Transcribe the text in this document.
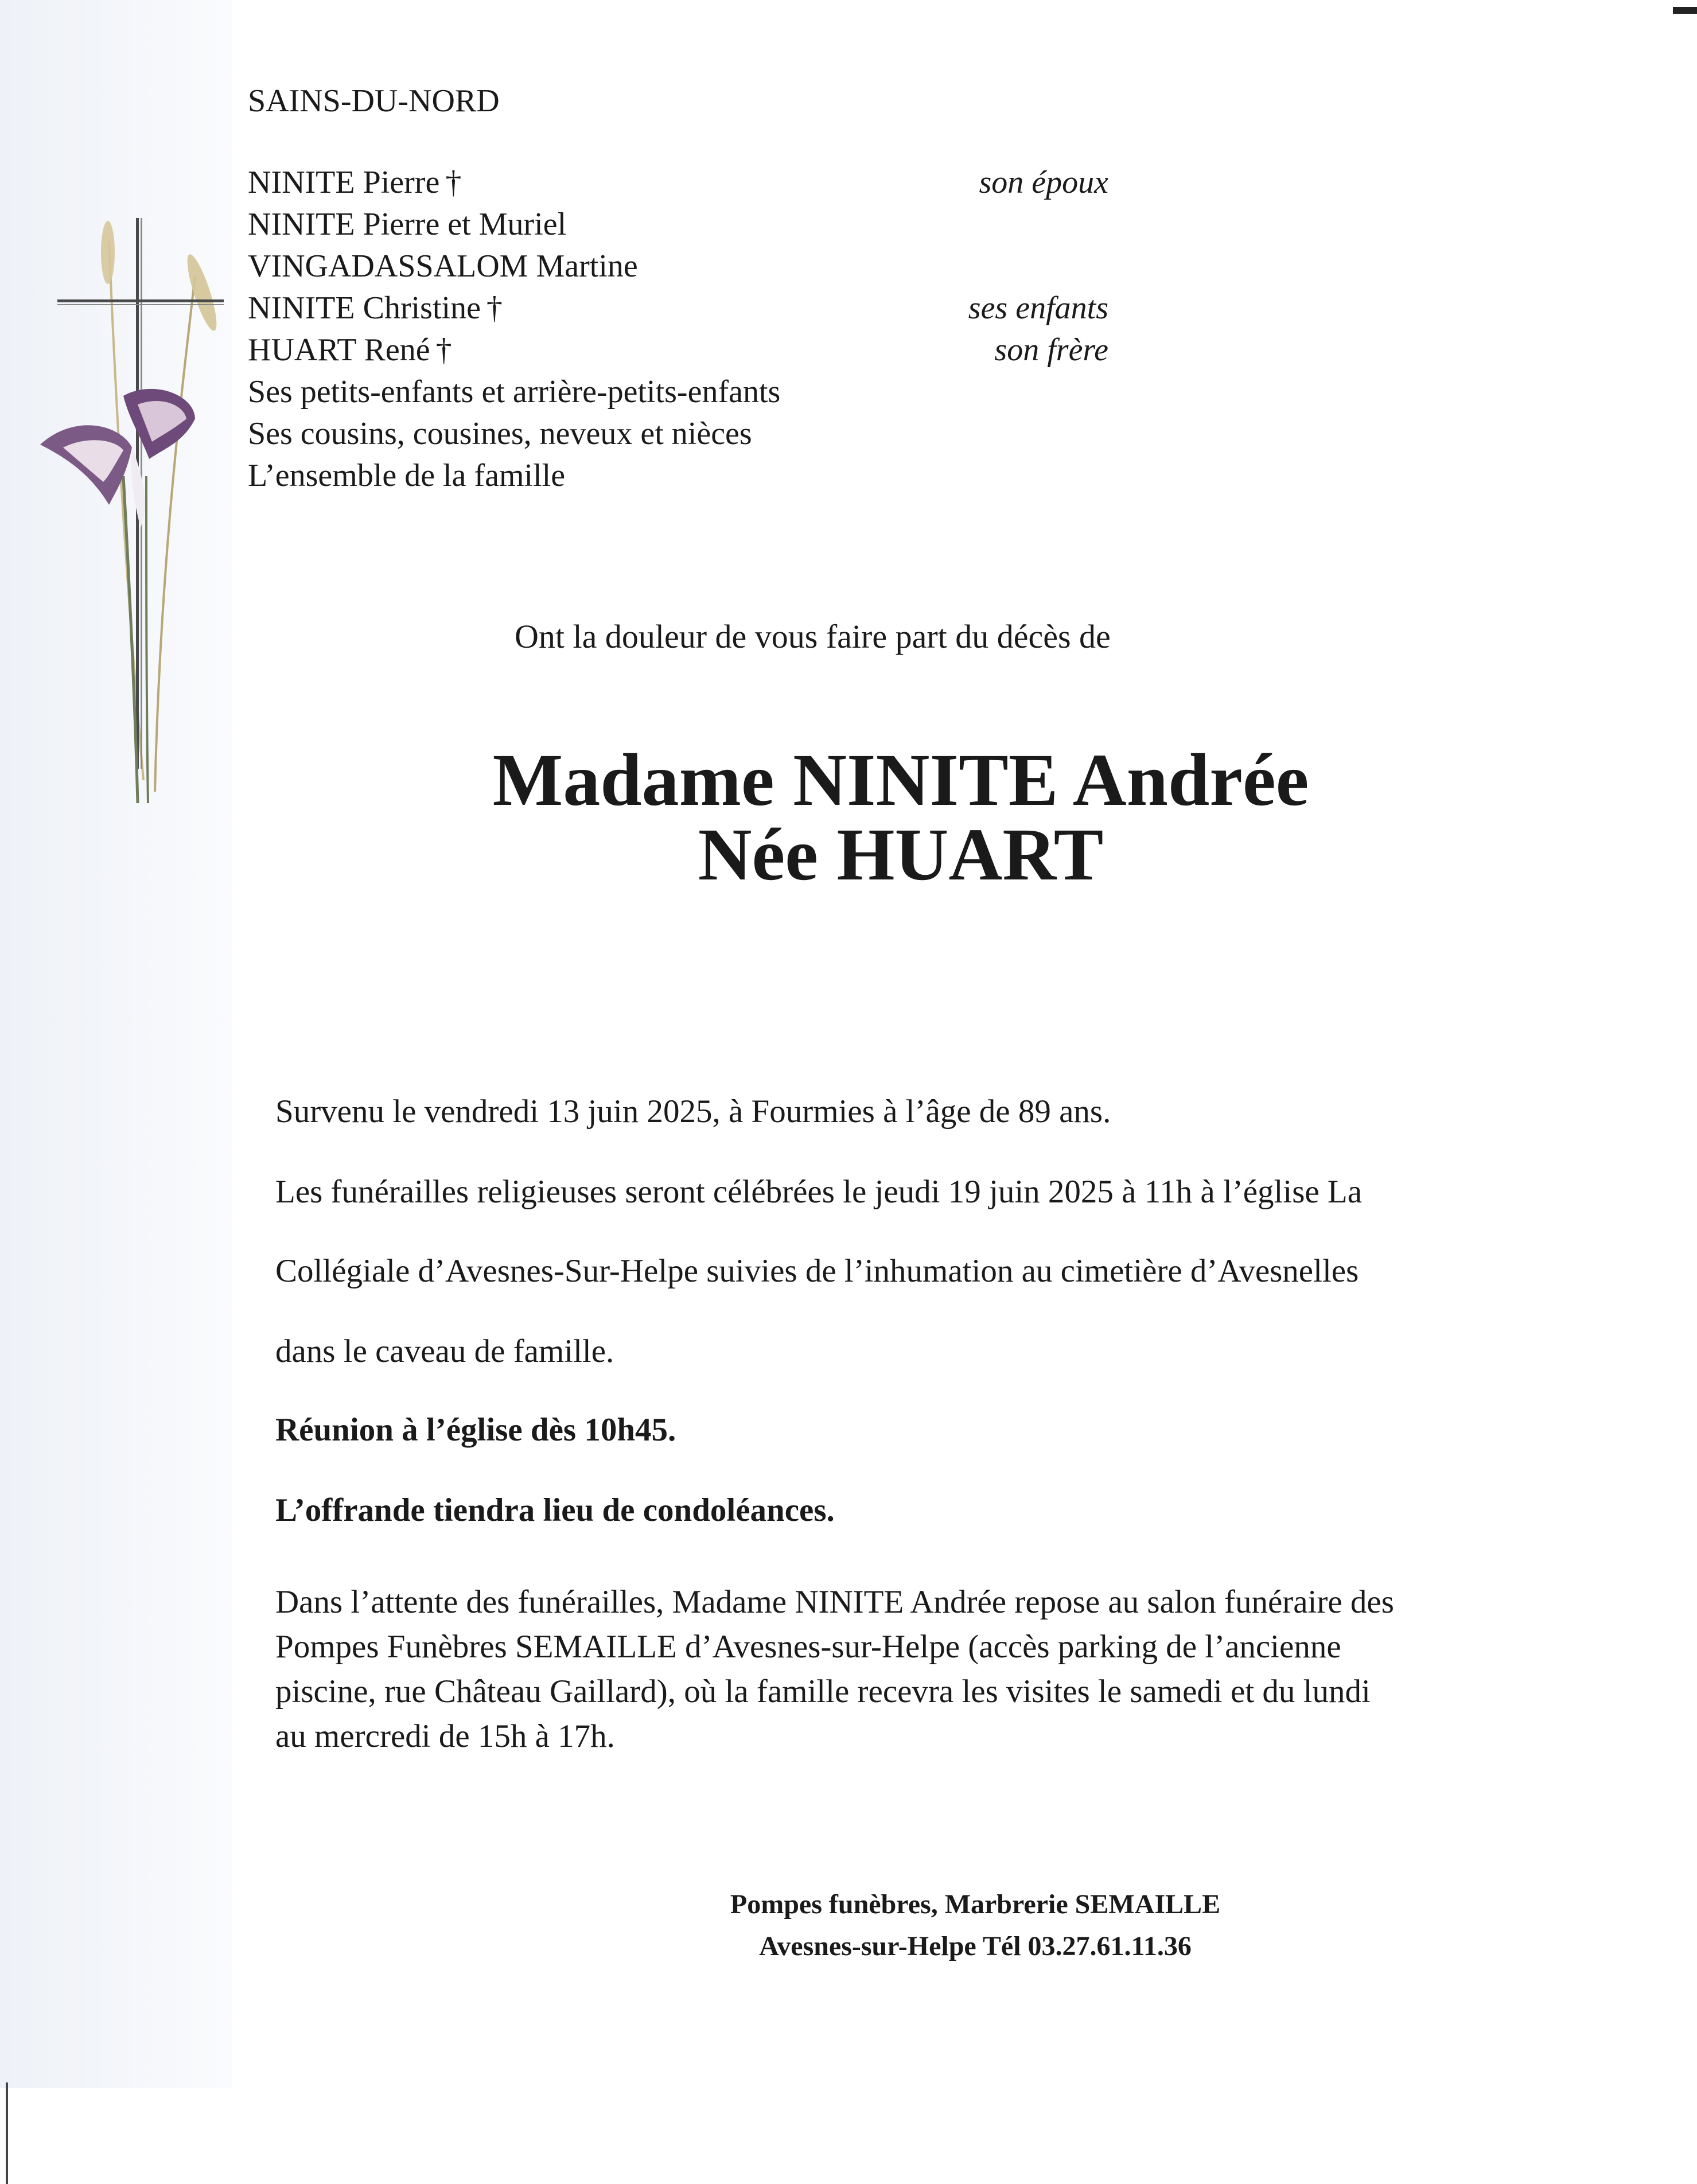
SAINS-DU-NORD
NINITE Pierre †	son époux
NINITE Pierre et Muriel
VINGADASSALOM Martine
NINITE Christine †	ses enfants
HUART René †	son frère
Ses petits-enfants et arrière-petits-enfants
Ses cousins, cousines, neveux et nièces
L’ensemble de la famille
Ont la douleur de vous faire part du décès de
Madame NINITE Andrée
Née HUART
Survenu le vendredi 13 juin 2025, à Fourmies à l’âge de 89 ans.
Les funérailles religieuses seront célébrées le jeudi 19 juin 2025 à 11h à l’église La
Collégiale d’Avesnes-Sur-Helpe suivies de l’inhumation au cimetière d’Avesnelles
dans le caveau de famille.
Réunion à l’église dès 10h45.
L’offrande tiendra lieu de condoléances.
Dans l’attente des funérailles, Madame NINITE Andrée repose au salon funéraire des
Pompes Funèbres SEMAILLE d’Avesnes-sur-Helpe (accès parking de l’ancienne
piscine, rue Château Gaillard), où la famille recevra les visites le samedi et du lundi
au mercredi de 15h à 17h.
Pompes funèbres, Marbrerie SEMAILLE
Avesnes-sur-Helpe Tél 03.27.61.11.36
